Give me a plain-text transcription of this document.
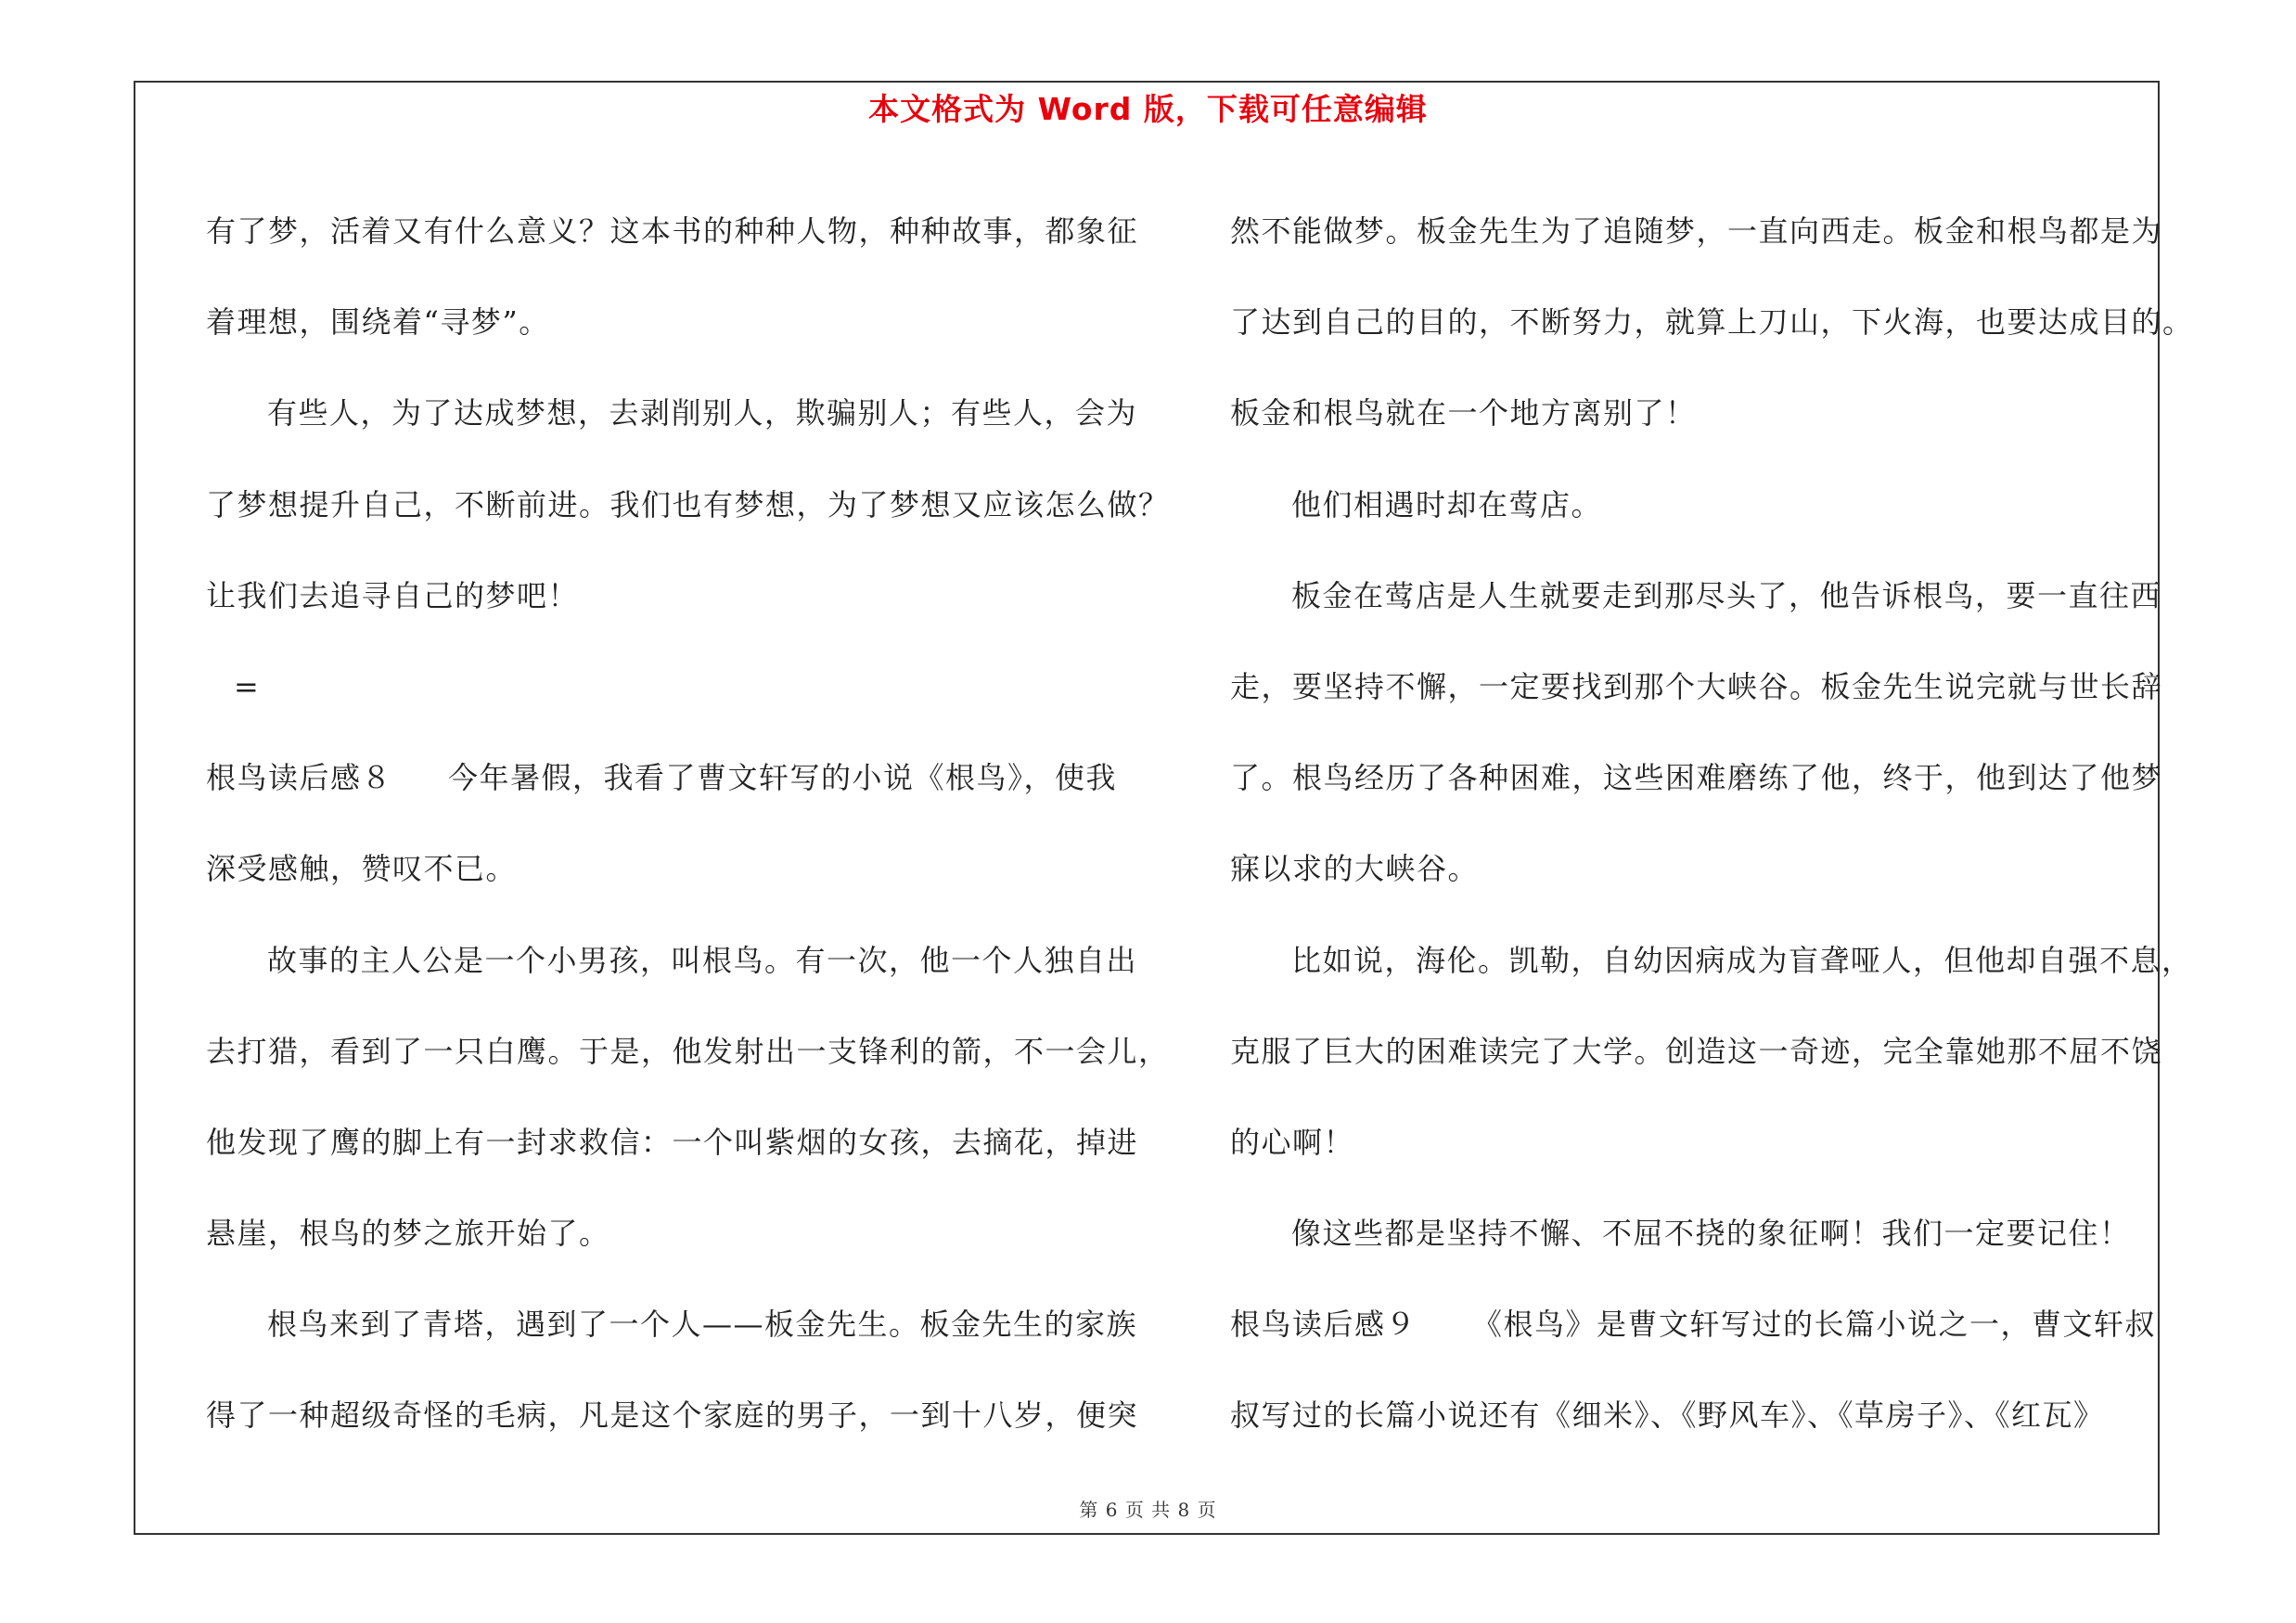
本文格式为 Word 版，下载可任意编辑
有了梦，活着又有什么意义？这本书的种种人物，种种故事，都象征
着理想，围绕着“寻梦”。
有些人，为了达成梦想，去剥削别人，欺骗别人；有些人，会为
了梦想提升自己，不断前进。我们也有梦想，为了梦想又应该怎么做？
让我们去追寻自己的梦吧！
=
根鸟读后感８ 今年暑假，我看了曹文轩写的小说《根鸟》，使我
深受感触，赞叹不已。
故事的主人公是一个小男孩，叫根鸟。有一次，他一个人独自出
去打猎，看到了一只白鹰。于是，他发射出一支锋利的箭，不一会儿，
他发现了鹰的脚上有一封求救信：一个叫紫烟的女孩，去摘花，掉进
悬崖，根鸟的梦之旅开始了。
根鸟来到了青塔，遇到了一个人——板金先生。板金先生的家族
得了一种超级奇怪的毛病，凡是这个家庭的男子，一到十八岁，便突
然不能做梦。板金先生为了追随梦，一直向西走。板金和根鸟都是为
了达到自己的目的，不断努力，就算上刀山，下火海，也要达成目的。
板金和根鸟就在一个地方离别了！
他们相遇时却在莺店。
板金在莺店是人生就要走到那尽头了，他告诉根鸟，要一直往西
走，要坚持不懈，一定要找到那个大峡谷。板金先生说完就与世长辞
了。根鸟经历了各种困难，这些困难磨练了他，终于，他到达了他梦
寐以求的大峡谷。
比如说，海伦。凯勒，自幼因病成为盲聋哑人，但他却自强不息，
克服了巨大的困难读完了大学。创造这一奇迹，完全靠她那不屈不饶
的心啊！
像这些都是坚持不懈、不屈不挠的象征啊！我们一定要记住！
根鸟读后感９ 《根鸟》是曹文轩写过的长篇小说之一，曹文轩叔
叔写过的长篇小说还有《细米》、《野风车》、《草房子》、《红瓦》
第 6 页 共 8 页
